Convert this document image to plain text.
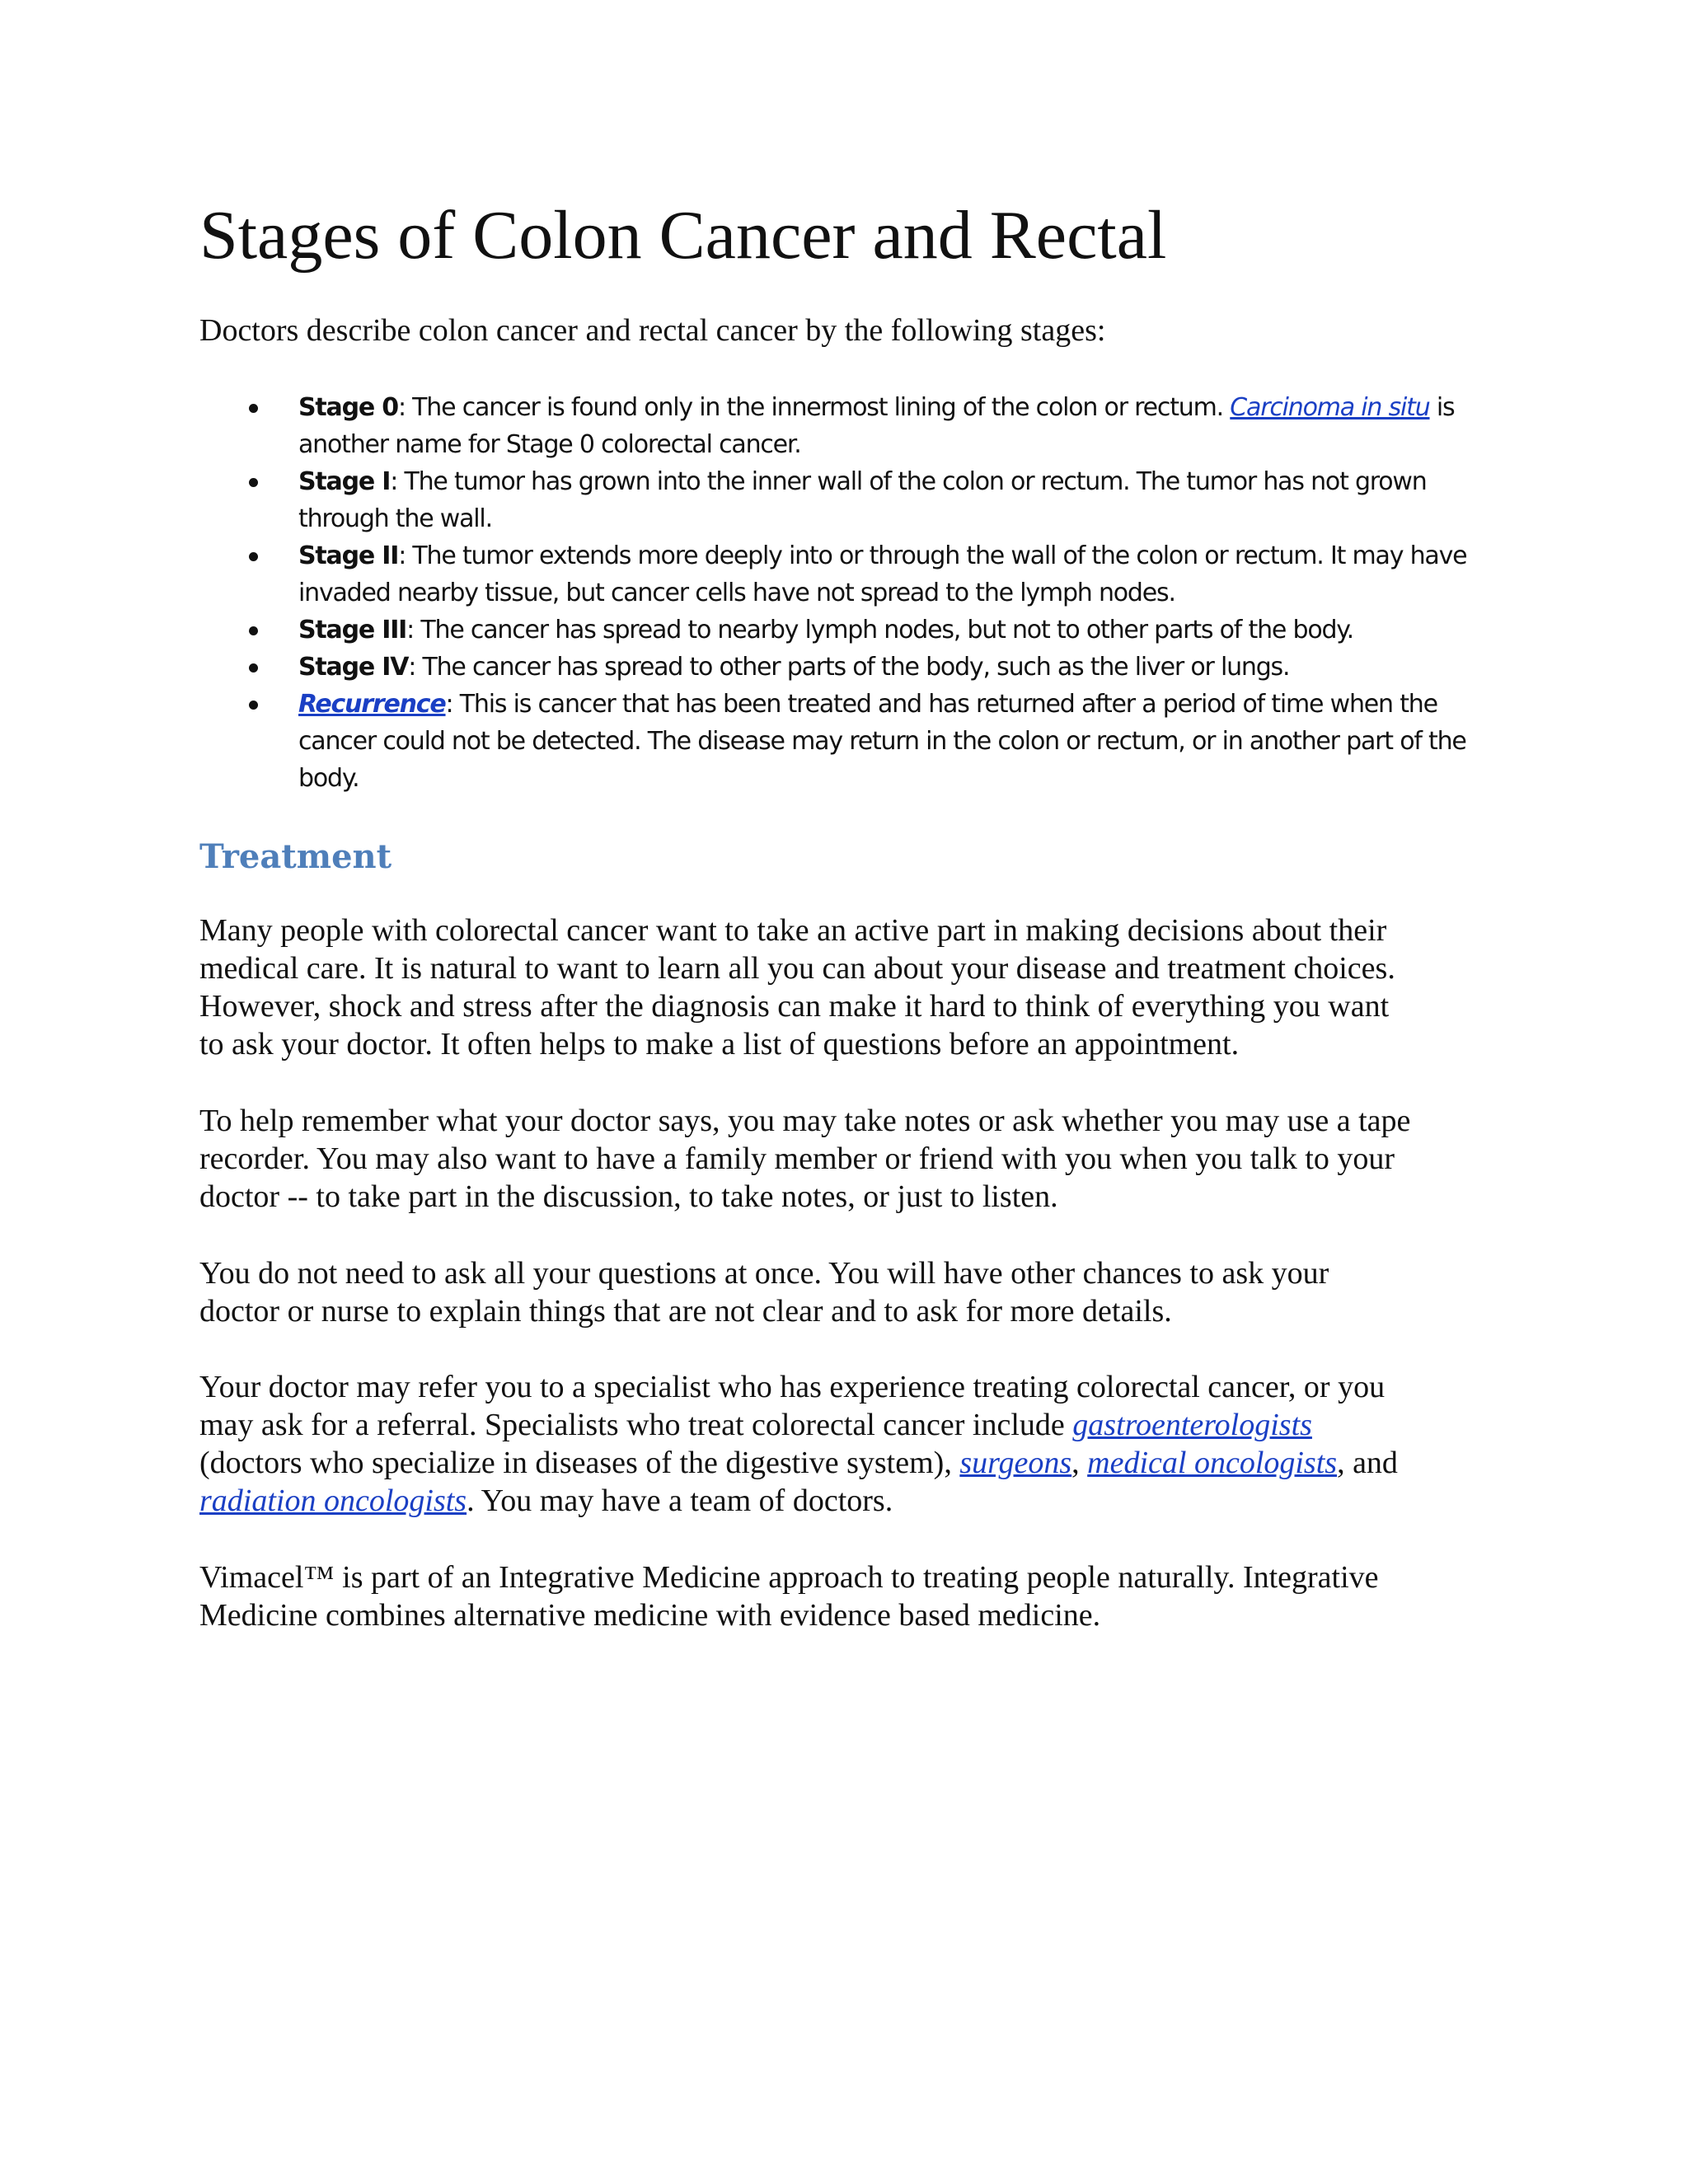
Stages of Colon Cancer and Rectal

Doctors describe colon cancer and rectal cancer by the following stages:

Stage 0: The cancer is found only in the innermost lining of the colon or rectum. Carcinoma in situ is another name for Stage 0 colorectal cancer.
Stage I: The tumor has grown into the inner wall of the colon or rectum. The tumor has not grown through the wall.
Stage II: The tumor extends more deeply into or through the wall of the colon or rectum. It may have invaded nearby tissue, but cancer cells have not spread to the lymph nodes.
Stage III: The cancer has spread to nearby lymph nodes, but not to other parts of the body.
Stage IV: The cancer has spread to other parts of the body, such as the liver or lungs.
Recurrence: This is cancer that has been treated and has returned after a period of time when the cancer could not be detected. The disease may return in the colon or rectum, or in another part of the body.
Treatment

Many people with colorectal cancer want to take an active part in making decisions about their
medical care. It is natural to want to learn all you can about your disease and treatment choices.
However, shock and stress after the diagnosis can make it hard to think of everything you want
to ask your doctor. It often helps to make a list of questions before an appointment.

To help remember what your doctor says, you may take notes or ask whether you may use a tape
recorder. You may also want to have a family member or friend with you when you talk to your
doctor -- to take part in the discussion, to take notes, or just to listen.

You do not need to ask all your questions at once. You will have other chances to ask your
doctor or nurse to explain things that are not clear and to ask for more details.

Your doctor may refer you to a specialist who has experience treating colorectal cancer, or you
may ask for a referral. Specialists who treat colorectal cancer include gastroenterologists
(doctors who specialize in diseases of the digestive system), surgeons, medical oncologists, and
radiation oncologists. You may have a team of doctors.

Vimacel™ is part of an Integrative Medicine approach to treating people naturally. Integrative
Medicine combines alternative medicine with evidence based medicine.
